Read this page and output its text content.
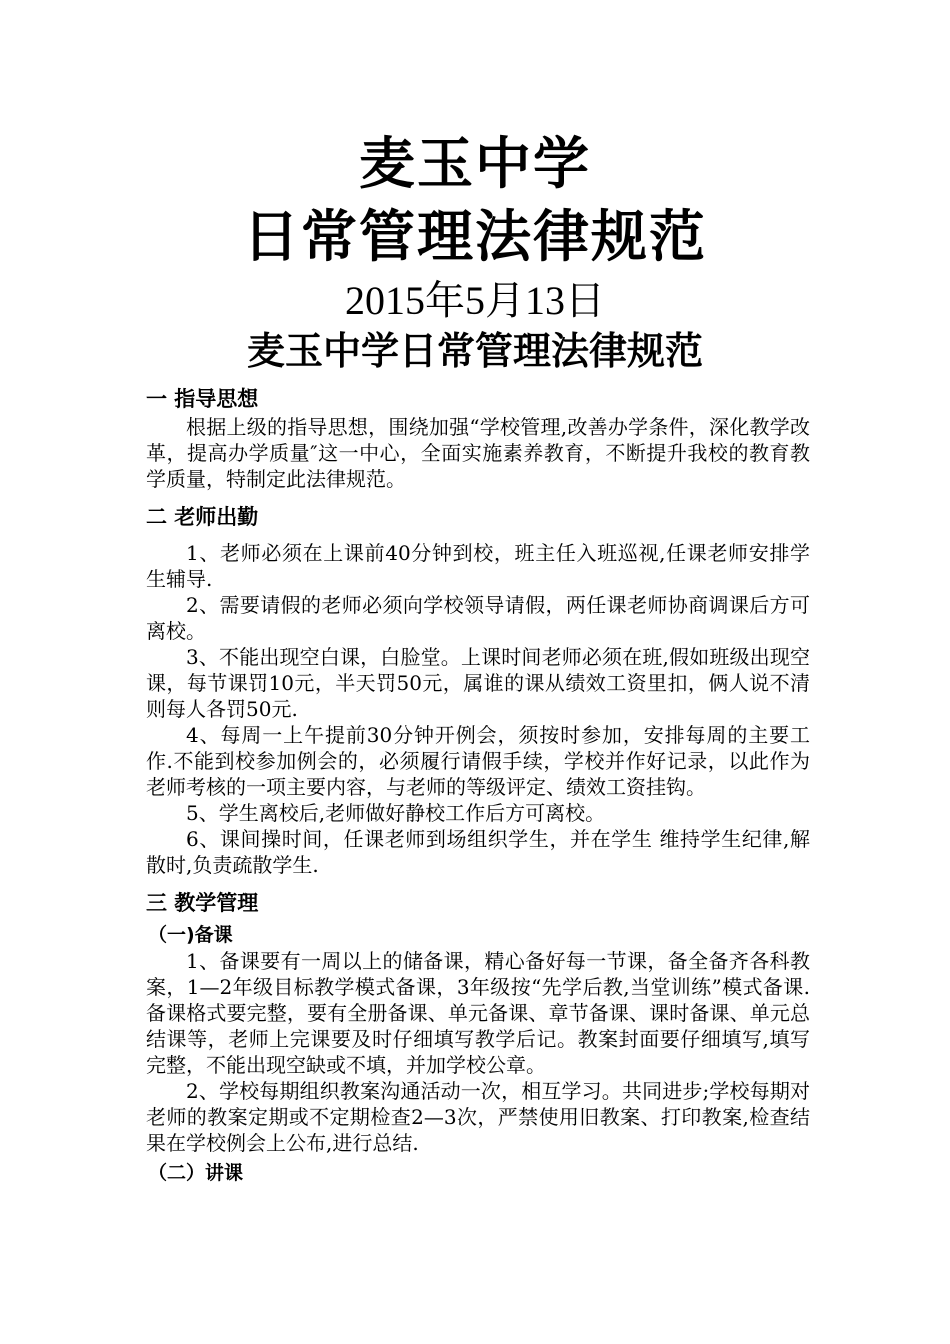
麦玉中学
日常管理法律规范
2015年5月13日
麦玉中学日常管理法律规范
一 指导思想

根据上级的指导思想，围绕加强“学校管理,改善办学条件，深化教学改革，提高办学质量″这一中心，全面实施素养教育，不断提升我校的教育教学质量，特制定此法律规范。

二 老师出勤

1、老师必须在上课前40分钟到校，班主任入班巡视,任课老师安排学生辅导.

2、需要请假的老师必须向学校领导请假，两任课老师协商调课后方可离校。

3、不能出现空白课，白脸堂。上课时间老师必须在班,假如班级出现空课，每节课罚10元，半天罚50元，属谁的课从绩效工资里扣，俩人说不清则每人各罚50元.

4、每周一上午提前30分钟开例会，须按时参加，安排每周的主要工作.不能到校参加例会的，必须履行请假手续，学校并作好记录，以此作为老师考核的一项主要内容，与老师的等级评定、绩效工资挂钩。

5、学生离校后,老师做好静校工作后方可离校。

6、课间操时间，任课老师到场组织学生，并在学生 维持学生纪律,解散时,负责疏散学生.

三 教学管理
（一)备课

1、备课要有一周以上的储备课，精心备好每一节课，备全备齐各科教案，1—2年级目标教学模式备课，3年级按“先学后教,当堂训练”模式备课.备课格式要完整，要有全册备课、单元备课、章节备课、课时备课、单元总结课等，老师上完课要及时仔细填写教学后记。教案封面要仔细填写,填写完整，不能出现空缺或不填，并加学校公章。

2、学校每期组织教案沟通活动一次，相互学习。共同进步;学校每期对老师的教案定期或不定期检查2—3次，严禁使用旧教案、打印教案,检查结果在学校例会上公布,进行总结.

（二）讲课
